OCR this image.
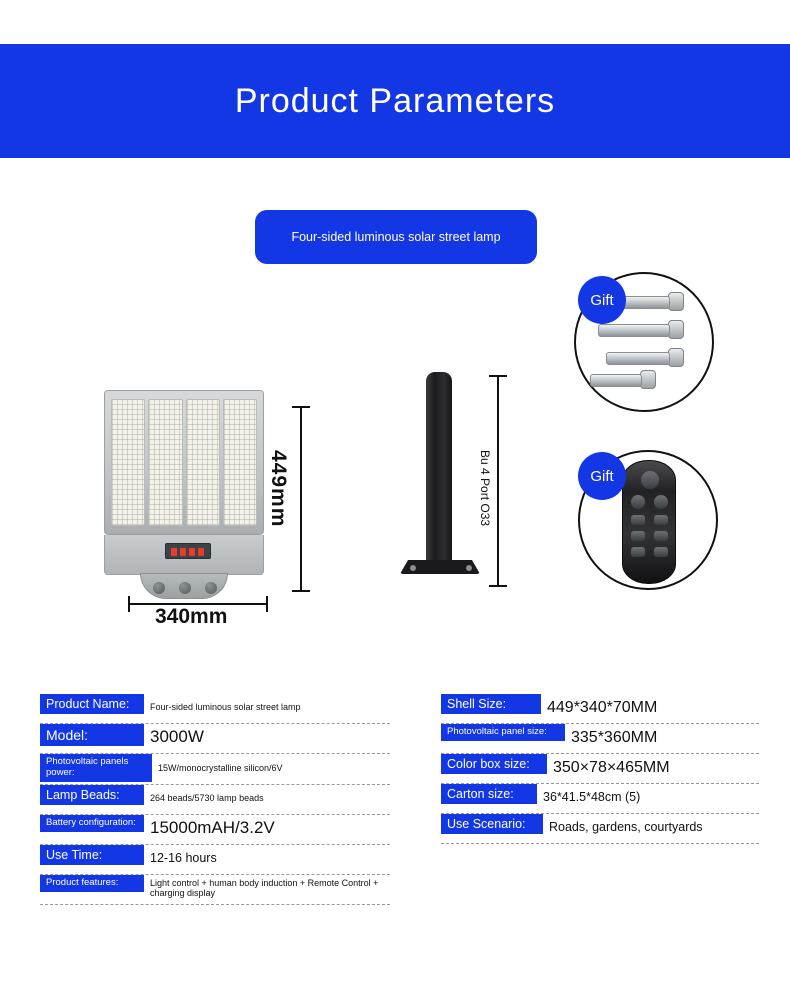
Product Parameters
Four-sided luminous solar street lamp
449mm
340mm
Bu 4 Port O33
Gift
Gift
Product Name:	Four-sided luminous solar street lamp
Model:	3000W
Photovoltaic panels power:	15W/monocrystalline silicon/6V
Lamp Beads:	264 beads/5730 lamp beads
Battery configuration: 15000mAH/3.2V
Use Time:	12-16 hours
Product features:	Light control + human body induction + Remote Control + charging display
Shell Size:	449*340*70MM
Photovoltaic panel size:	335*360MM
Color box size:	350×78×465MM
Carton size:	36*41.5*48cm (5)
Use Scenario:	Roads, gardens, courtyards
